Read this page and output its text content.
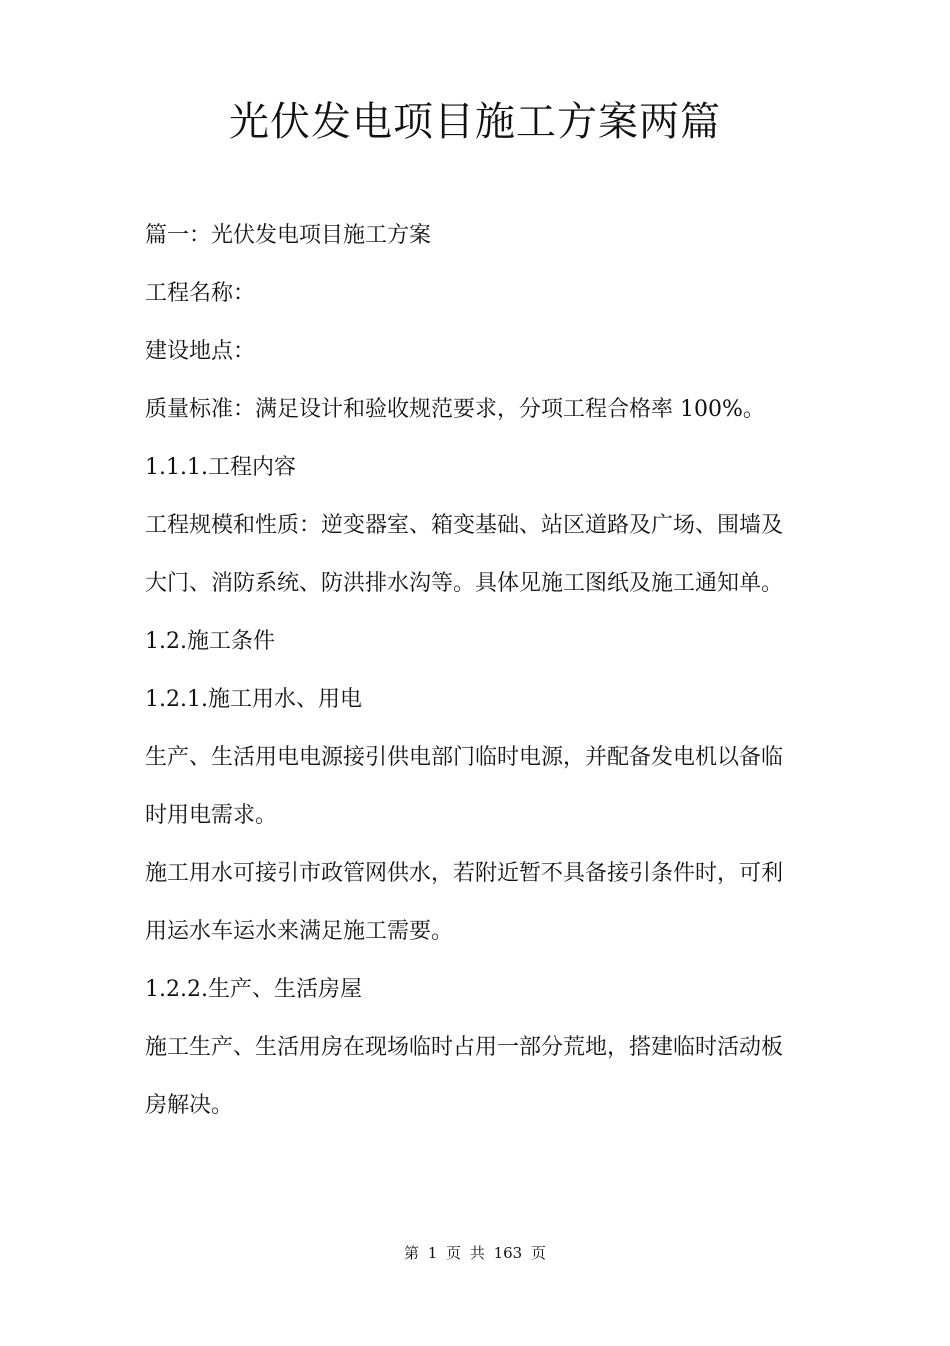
光伏发电项目施工方案两篇
篇一：光伏发电项目施工方案
工程名称：
建设地点：
质量标准：满足设计和验收规范要求，分项工程合格率 100%。
1.1.1.工程内容
工程规模和性质：逆变器室、箱变基础、站区道路及广场、围墙及
大门、消防系统、防洪排水沟等。具体见施工图纸及施工通知单。
1.2.施工条件
1.2.1.施工用水、用电
生产、生活用电电源接引供电部门临时电源，并配备发电机以备临
时用电需求。
施工用水可接引市政管网供水，若附近暂不具备接引条件时，可利
用运水车运水来满足施工需要。
1.2.2.生产、生活房屋
施工生产、生活用房在现场临时占用一部分荒地，搭建临时活动板
房解决。
第 1 页 共 163 页
